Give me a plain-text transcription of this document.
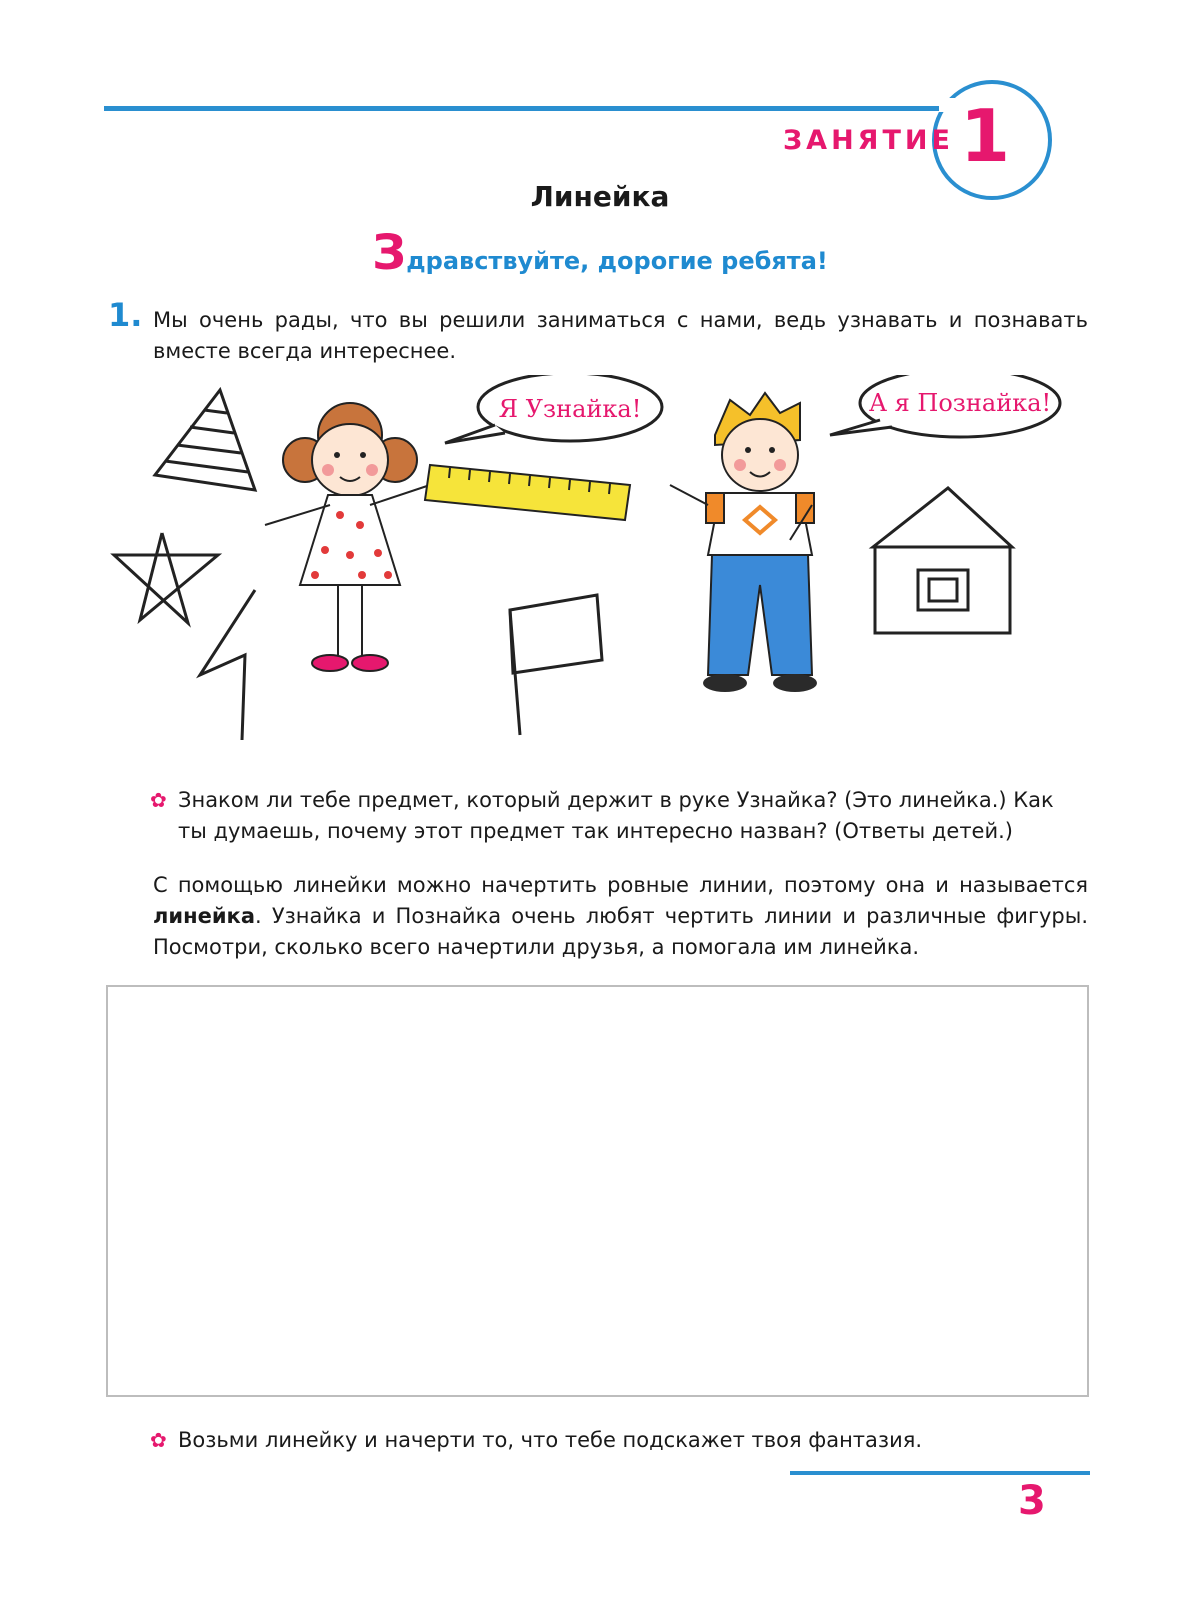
ЗАНЯТИЕ 1
Линейка
Здравствуйте, дорогие ребята!
1. Мы очень рады, что вы решили заниматься с нами, ведь узнавать и познавать вместе всегда интереснее.
Я Узнайка!	А я Познайка!
✿ Знаком ли тебе предмет, который держит в руке Узнайка? (Это линейка.) Как ты думаешь, почему этот предмет так интересно назван? (Ответы детей.)
С помощью линейки можно начертить ровные линии, поэтому она и называется линейка. Узнайка и Познайка очень любят чертить линии и различные фигуры. Посмотри, сколько всего начертили друзья, а помогала им линейка.
✿ Возьми линейку и начерти то, что тебе подскажет твоя фантазия.
3
